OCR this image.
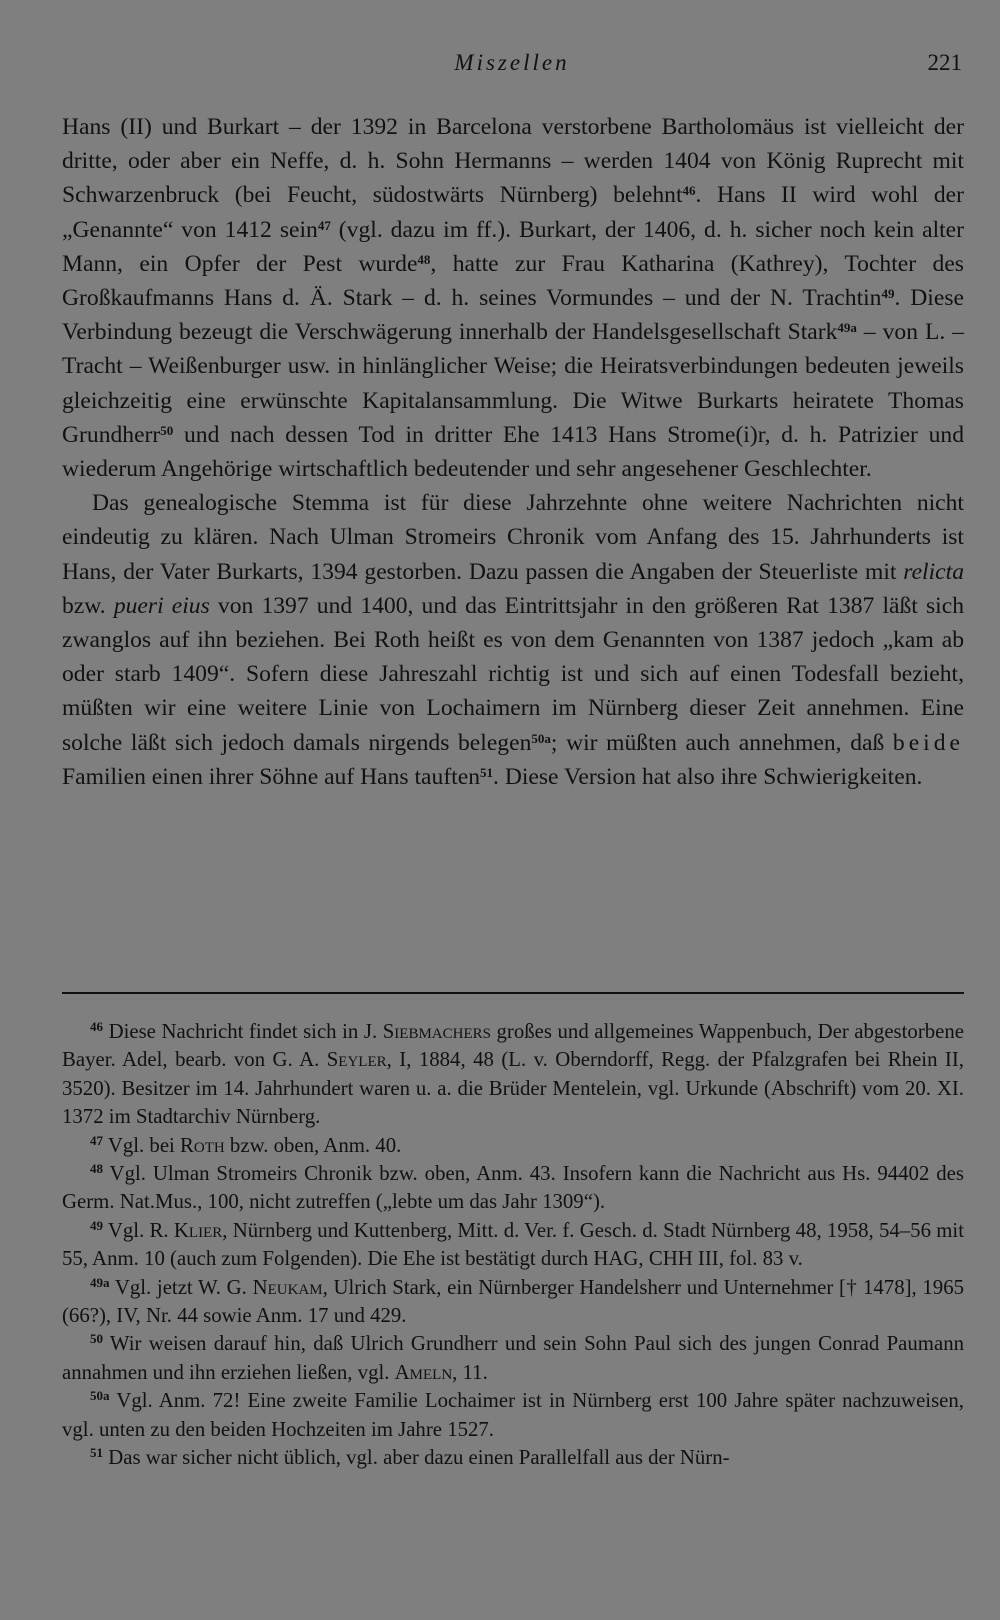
Miszellen	221

Hans (II) und Burkart – der 1392 in Barcelona verstorbene Bartholomäus ist vielleicht der dritte, oder aber ein Neffe, d. h. Sohn Hermanns – werden 1404 von König Ruprecht mit Schwarzenbruck (bei Feucht, südostwärts Nürnberg) belehnt$^{46}$. Hans II wird wohl der „Genannte“ von 1412 sein$^{47}$ (vgl. dazu im ff.). Burkart, der 1406, d. h. sicher noch kein alter Mann, ein Opfer der Pest wurde$^{48}$, hatte zur Frau Katharina (Kathrey), Tochter des Großkaufmanns Hans d. Ä. Stark – d. h. seines Vormundes – und der N. Trachtin$^{49}$. Diese Verbindung bezeugt die Verschwägerung innerhalb der Handelsgesellschaft Stark$^{49a}$ – von L. – Tracht – Weißenburger usw. in hinlänglicher Weise; die Heiratsverbindungen bedeuten jeweils gleichzeitig eine erwünschte Kapitalansammlung. Die Witwe Burkarts heiratete Thomas Grundherr$^{50}$ und nach dessen Tod in dritter Ehe 1413 Hans Strome(i)r, d. h. Patrizier und wiederum Angehörige wirtschaftlich bedeutender und sehr angesehener Geschlechter.

Das genealogische Stemma ist für diese Jahrzehnte ohne weitere Nachrichten nicht eindeutig zu klären. Nach Ulman Stromeirs Chronik vom Anfang des 15. Jahrhunderts ist Hans, der Vater Burkarts, 1394 gestorben. Dazu passen die Angaben der Steuerliste mit relicta bzw. pueri eius von 1397 und 1400, und das Eintrittsjahr in den größeren Rat 1387 läßt sich zwanglos auf ihn beziehen. Bei Roth heißt es von dem Genannten von 1387 jedoch „kam ab oder starb 1409“. Sofern diese Jahreszahl richtig ist und sich auf einen Todesfall bezieht, müßten wir eine weitere Linie von Lochaimern im Nürnberg dieser Zeit annehmen. Eine solche läßt sich jedoch damals nirgends belegen$^{50a}$; wir müßten auch annehmen, daß beide Familien einen ihrer Söhne auf Hans tauften$^{51}$. Diese Version hat also ihre Schwierigkeiten.

$^{46}$ Diese Nachricht findet sich in J. Siebmachers großes und allgemeines Wappenbuch, Der abgestorbene Bayer. Adel, bearb. von G. A. Seyler, I, 1884, 48 (L. v. Oberndorff, Regg. der Pfalzgrafen bei Rhein II, 3520). Besitzer im 14. Jahrhundert waren u. a. die Brüder Mentelein, vgl. Urkunde (Abschrift) vom 20. XI. 1372 im Stadtarchiv Nürnberg.

$^{47}$ Vgl. bei Roth bzw. oben, Anm. 40.

$^{48}$ Vgl. Ulman Stromeirs Chronik bzw. oben, Anm. 43. Insofern kann die Nachricht aus Hs. 94402 des Germ. Nat.Mus., 100, nicht zutreffen („lebte um das Jahr 1309“).

$^{49}$ Vgl. R. Klier, Nürnberg und Kuttenberg, Mitt. d. Ver. f. Gesch. d. Stadt Nürnberg 48, 1958, 54–56 mit 55, Anm. 10 (auch zum Folgenden). Die Ehe ist bestätigt durch HAG, CHH III, fol. 83 v.

$^{49a}$ Vgl. jetzt W. G. Neukam, Ulrich Stark, ein Nürnberger Handelsherr und Unternehmer [† 1478], 1965 (66?), IV, Nr. 44 sowie Anm. 17 und 429.

$^{50}$ Wir weisen darauf hin, daß Ulrich Grundherr und sein Sohn Paul sich des jungen Conrad Paumann annahmen und ihn erziehen ließen, vgl. Ameln, 11.

$^{50a}$ Vgl. Anm. 72! Eine zweite Familie Lochaimer ist in Nürnberg erst 100 Jahre später nachzuweisen, vgl. unten zu den beiden Hochzeiten im Jahre 1527.

$^{51}$ Das war sicher nicht üblich, vgl. aber dazu einen Parallelfall aus der Nürn-
